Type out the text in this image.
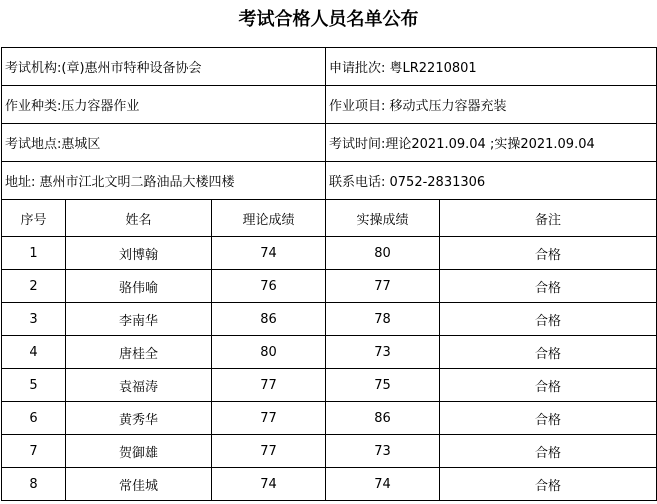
考试合格人员名单公布
考试机构:(章)惠州市特种设备协会			申请批次: 粤LR2210801	
作业种类:压力容器作业			作业项目: 移动式压力容器充装	
考试地点:惠城区			考试时间:理论2021.09.04 ;实操2021.09.04	
地址: 惠州市江北文明二路油品大楼四楼			联系电话: 0752-2831306	
序号	姓名	理论成绩	实操成绩	备注
1	刘博翰	74	80	合格
2	骆伟喻	76	77	合格
3	李南华	86	78	合格
4	唐桂全	80	73	合格
5	袁福涛	77	75	合格
6	黄秀华	77	86	合格
7	贺御雄	77	73	合格
8	常佳城	74	74	合格
